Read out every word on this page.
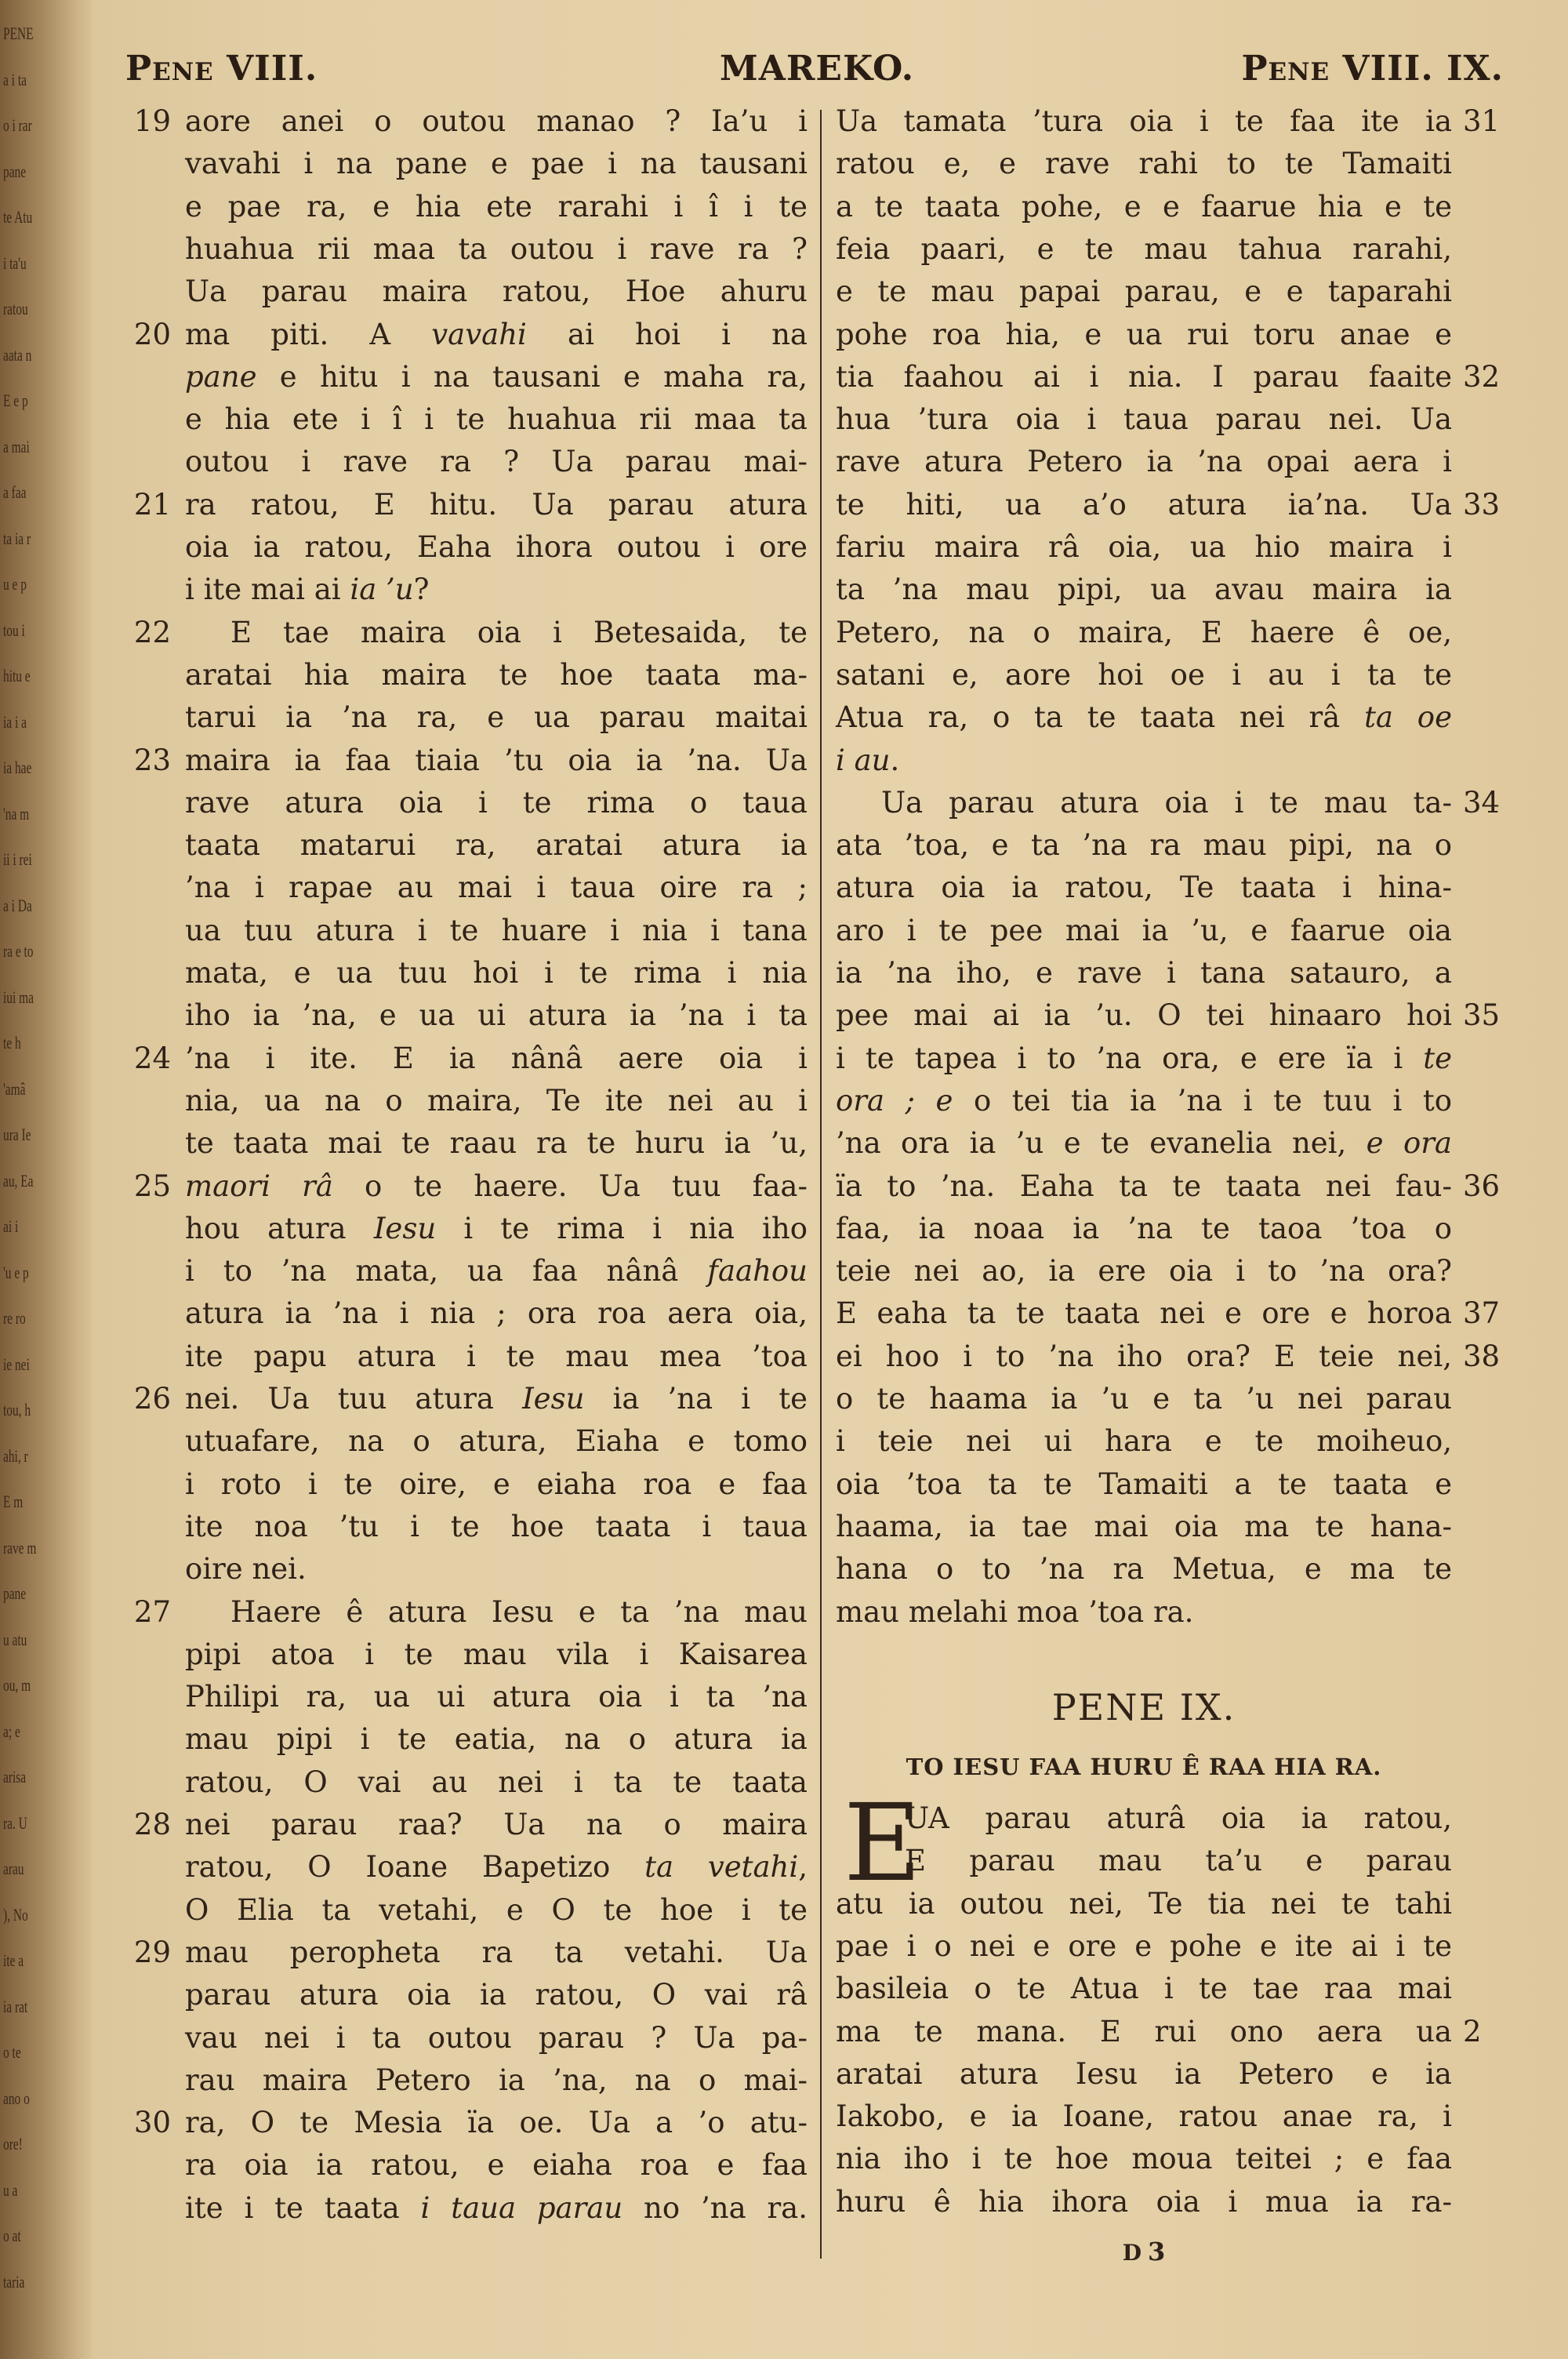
PENE
a i ta
o i rar
pane
te Atu
i ta'u
ratou
aata n
E e p
a mai
a faa
ta ia r
u e p
tou i
hitu e
ia i a
ia hae
'na m
ii i rei
a i Da
ra e to
iui ma
te h
'amâ
ura Ie
au, Ea
ai i
'u e p
re ro
ie nei
tou, h
ahi, r
E m
rave m
pane
u atu
ou, m
a; e
arisa
ra. U
arau
), No
ite a
ia rat
o te
ano o
ore!
u a
o at
taria
Pene VIII.	MAREKO.	Pene VIII. IX.
19 aore anei o outou manao ? Ia’u i
vavahi i na pane e pae i na tausani
e pae ra, e hia ete rarahi i î i te
huahua rii maa ta outou i rave ra ?
Ua parau maira ratou, Hoe ahuru
20 ma piti. A vavahi ai hoi i na
pane e hitu i na tausani e maha ra,
e hia ete i î i te huahua rii maa ta
outou i rave ra ? Ua parau mai-
21 ra ratou, E hitu. Ua parau atura
oia ia ratou, Eaha ihora outou i ore
i ite mai ai ia ’u?
22	E tae maira oia i Betesaida, te
aratai hia maira te hoe taata ma-
tarui ia ’na ra, e ua parau maitai
23 maira ia faa tiaia ’tu oia ia ’na. Ua
rave atura oia i te rima o taua
taata matarui ra, aratai atura ia
’na i rapae au mai i taua oire ra ;
ua tuu atura i te huare i nia i tana
mata, e ua tuu hoi i te rima i nia
iho ia ’na, e ua ui atura ia ’na i ta
24 ’na i ite. E ia nânâ aere oia i
nia, ua na o maira, Te ite nei au i
te taata mai te raau ra te huru ia ’u,
25 maori râ o te haere. Ua tuu faa-
hou atura Iesu i te rima i nia iho
i to ’na mata, ua faa nânâ faahou
atura ia ’na i nia ; ora roa aera oia,
ite papu atura i te mau mea ’toa
26 nei. Ua tuu atura Iesu ia ’na i te
utuafare, na o atura, Eiaha e tomo
i roto i te oire, e eiaha roa e faa
ite noa ’tu i te hoe taata i taua
oire nei.
27	Haere ê atura Iesu e ta ’na mau
pipi atoa i te mau vila i Kaisarea
Philipi ra, ua ui atura oia i ta ’na
mau pipi i te eatia, na o atura ia
ratou, O vai au nei i ta te taata
28 nei parau raa? Ua na o maira
ratou, O Ioane Bapetizo ta vetahi,
O Elia ta vetahi, e O te hoe i te
29 mau peropheta ra ta vetahi. Ua
parau atura oia ia ratou, O vai râ
vau nei i ta outou parau ? Ua pa-
rau maira Petero ia ’na, na o mai-
30 ra, O te Mesia ïa oe. Ua a ’o atu-
ra oia ia ratou, e eiaha roa e faa
ite i te taata i taua parau no ’na ra.
31
Ua tamata ’tura oia i te faa ite ia
ratou e, e rave rahi to te Tamaiti
a te taata pohe, e e faarue hia e te
feia paari, e te mau tahua rarahi,
e te mau papai parau, e e taparahi
pohe roa hia, e ua rui toru anae e
32
tia faahou ai i nia. I parau faaite
hua ’tura oia i taua parau nei. Ua
rave atura Petero ia ’na opai aera i
33
te hiti, ua a’o atura ia’na. Ua
fariu maira râ oia, ua hio maira i
ta ’na mau pipi, ua avau maira ia
Petero, na o maira, E haere ê oe,
satani e, aore hoi oe i au i ta te
Atua ra, o ta te taata nei râ ta oe
i au.
34
Ua parau atura oia i te mau ta-
ata ’toa, e ta ’na ra mau pipi, na o
atura oia ia ratou, Te taata i hina-
aro i te pee mai ia ’u, e faarue oia
ia ’na iho, e rave i tana satauro, a
35
pee mai ai ia ’u. O tei hinaaro hoi
i te tapea i to ’na ora, e ere ïa i te
ora ; e o tei tia ia ’na i te tuu i to
’na ora ia ’u e te evanelia nei, e ora
36
ïa to ’na. Eaha ta te taata nei fau-
faa, ia noaa ia ’na te taoa ’toa o
teie nei ao, ia ere oia i to ’na ora?
37
E eaha ta te taata nei e ore e horoa
38
ei hoo i to ’na iho ora? E teie nei,
o te haama ia ’u e ta ’u nei parau
i teie nei ui hara e te moiheuo,
oia ’toa ta te Tamaiti a te taata e
haama, ia tae mai oia ma te hana-
hana o to ’na ra Metua, e ma te
mau melahi moa ’toa ra.
PENE IX.
TO IESU FAA HURU Ê RAA HIA RA.
E
UA parau aturâ oia ia ratou,
E parau mau ta’u e parau
atu ia outou nei, Te tia nei te tahi
pae i o nei e ore e pohe e ite ai i te
basileia o te Atua i te tae raa mai
2
ma te mana. E rui ono aera ua
aratai atura Iesu ia Petero e ia
Iakobo, e ia Ioane, ratou anae ra, i
nia iho i te hoe moua teitei ; e faa
huru ê hia ihora oia i mua ia ra-
D 3
